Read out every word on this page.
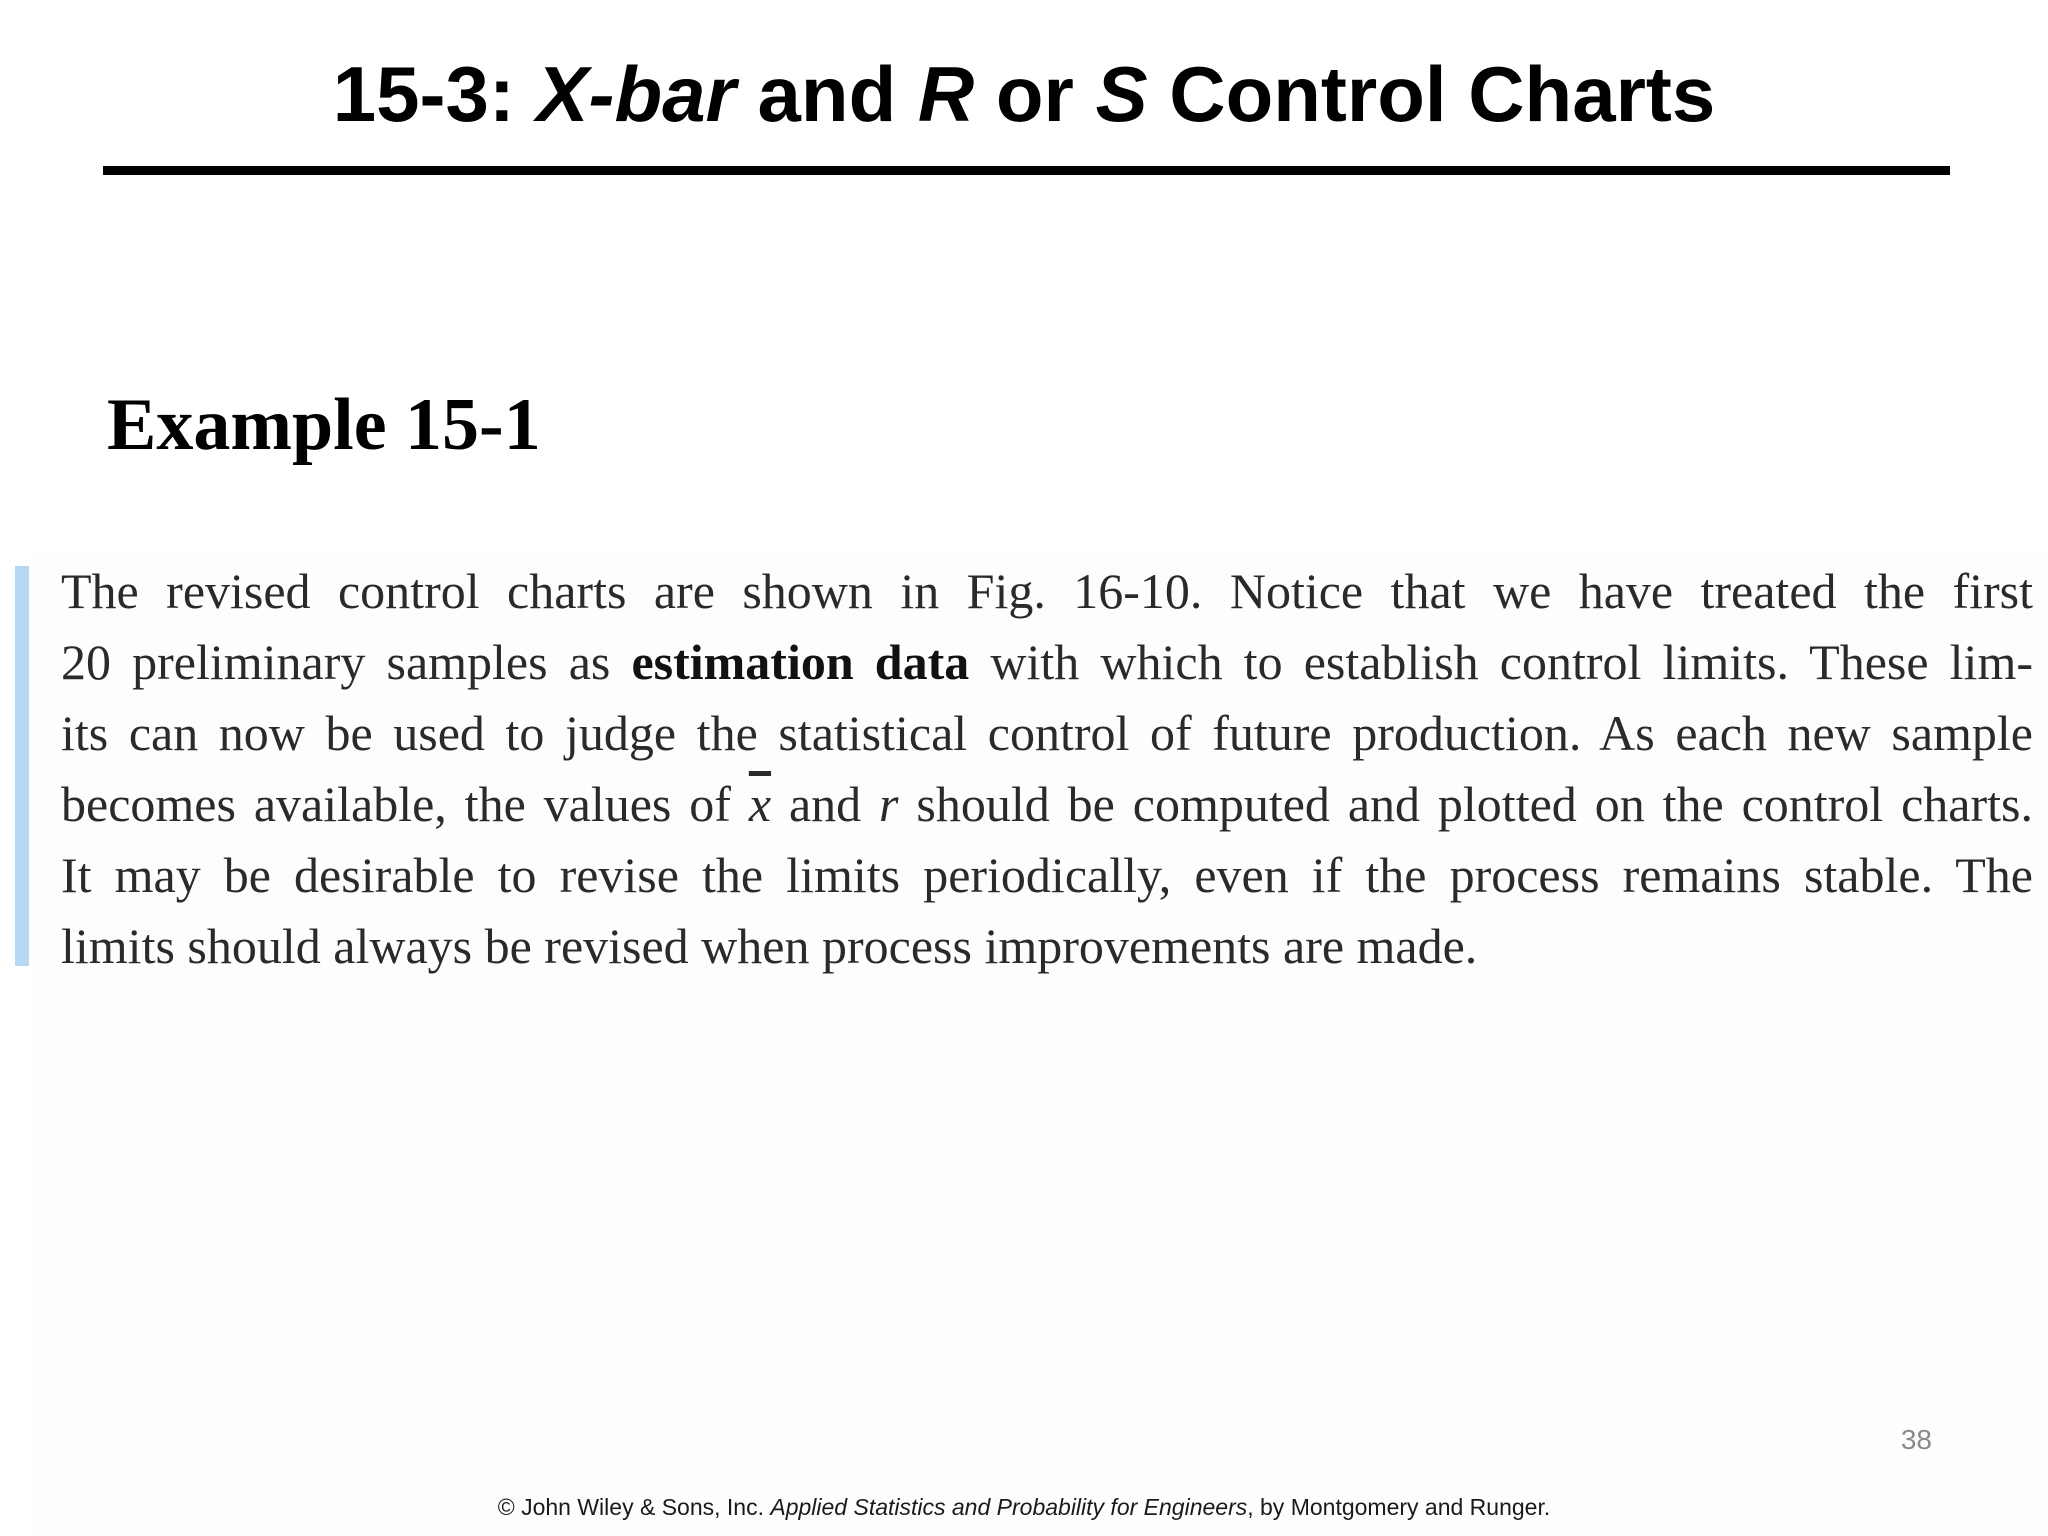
15-3: X-bar and R or S Control Charts
Example 15-1
The revised control charts are shown in Fig. 16-10. Notice that we have treated the first
20 preliminary samples as estimation data with which to establish control limits. These lim-
its can now be used to judge the statistical control of future production. As each new sample
becomes available, the values of $\overline{x}$ and r should be computed and plotted on the control charts.
It may be desirable to revise the limits periodically, even if the process remains stable. The
limits should always be revised when process improvements are made.
38
© John Wiley & Sons, Inc. Applied Statistics and Probability for Engineers, by Montgomery and Runger.
